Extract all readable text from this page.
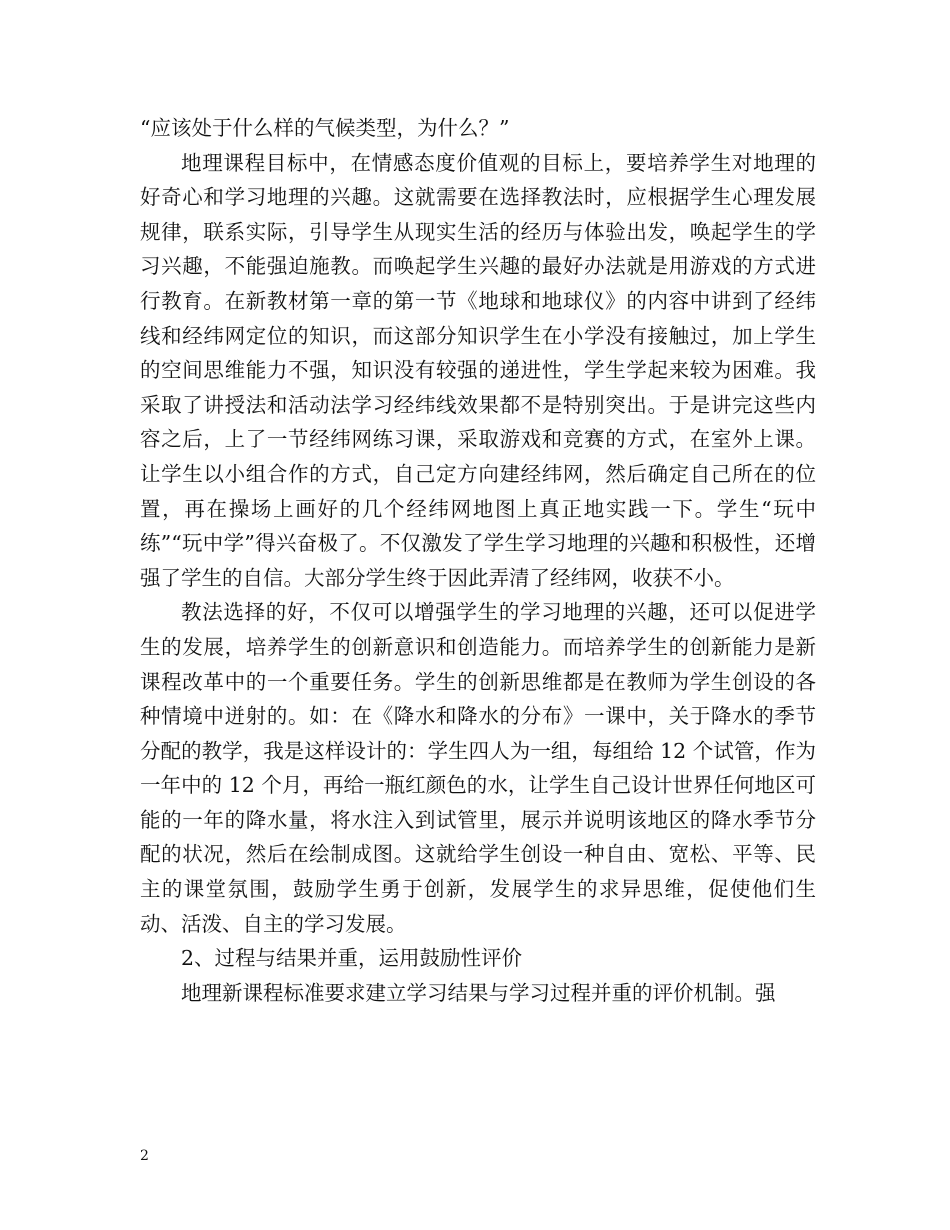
“应该处于什么样的气候类型，为什么？”

地理课程目标中，在情感态度价值观的目标上，要培养学生对地理的好奇心和学习地理的兴趣。这就需要在选择教法时，应根据学生心理发展规律，联系实际，引导学生从现实生活的经历与体验出发，唤起学生的学习兴趣，不能强迫施教。而唤起学生兴趣的最好办法就是用游戏的方式进行教育。在新教材第一章的第一节《地球和地球仪》的内容中讲到了经纬线和经纬网定位的知识，而这部分知识学生在小学没有接触过，加上学生的空间思维能力不强，知识没有较强的递进性，学生学起来较为困难。我采取了讲授法和活动法学习经纬线效果都不是特别突出。于是讲完这些内容之后，上了一节经纬网练习课，采取游戏和竞赛的方式，在室外上课。让学生以小组合作的方式，自己定方向建经纬网，然后确定自己所在的位置，再在操场上画好的几个经纬网地图上真正地实践一下。学生“玩中练”“玩中学”得兴奋极了。不仅激发了学生学习地理的兴趣和积极性，还增强了学生的自信。大部分学生终于因此弄清了经纬网，收获不小。

教法选择的好，不仅可以增强学生的学习地理的兴趣，还可以促进学生的发展，培养学生的创新意识和创造能力。而培养学生的创新能力是新课程改革中的一个重要任务。学生的创新思维都是在教师为学生创设的各种情境中迸射的。如：在《降水和降水的分布》一课中，关于降水的季节分配的教学，我是这样设计的：学生四人为一组，每组给 12 个试管，作为一年中的 12 个月，再给一瓶红颜色的水，让学生自己设计世界任何地区可能的一年的降水量，将水注入到试管里，展示并说明该地区的降水季节分配的状况，然后在绘制成图。这就给学生创设一种自由、宽松、平等、民主的课堂氛围，鼓励学生勇于创新，发展学生的求异思维，促使他们生动、活泼、自主的学习发展。

2、过程与结果并重，运用鼓励性评价

地理新课程标准要求建立学习结果与学习过程并重的评价机制。强

2
